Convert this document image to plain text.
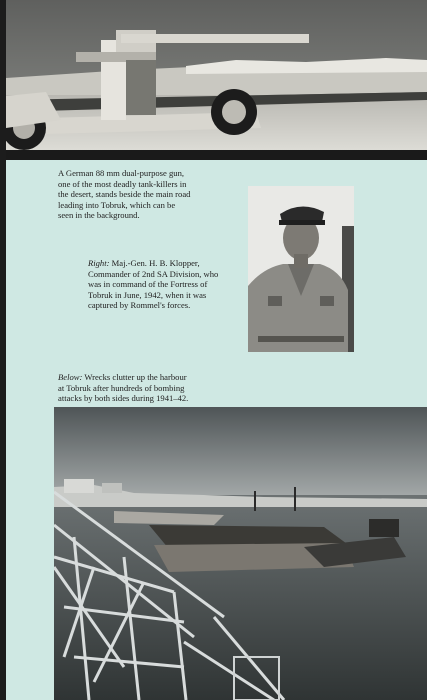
A German 88 mm dual-purpose gun,
one of the most deadly tank-killers in
the desert, stands beside the main road
leading into Tobruk, which can be
seen in the background.
Right: Maj.-Gen. H. B. Klopper,
Commander of 2nd SA Division, who
was in command of the Fortress of
Tobruk in June, 1942, when it was
captured by Rommel's forces.
Below: Wrecks clutter up the harbour
at Tobruk after hundreds of bombing
attacks by both sides during 1941–42.
